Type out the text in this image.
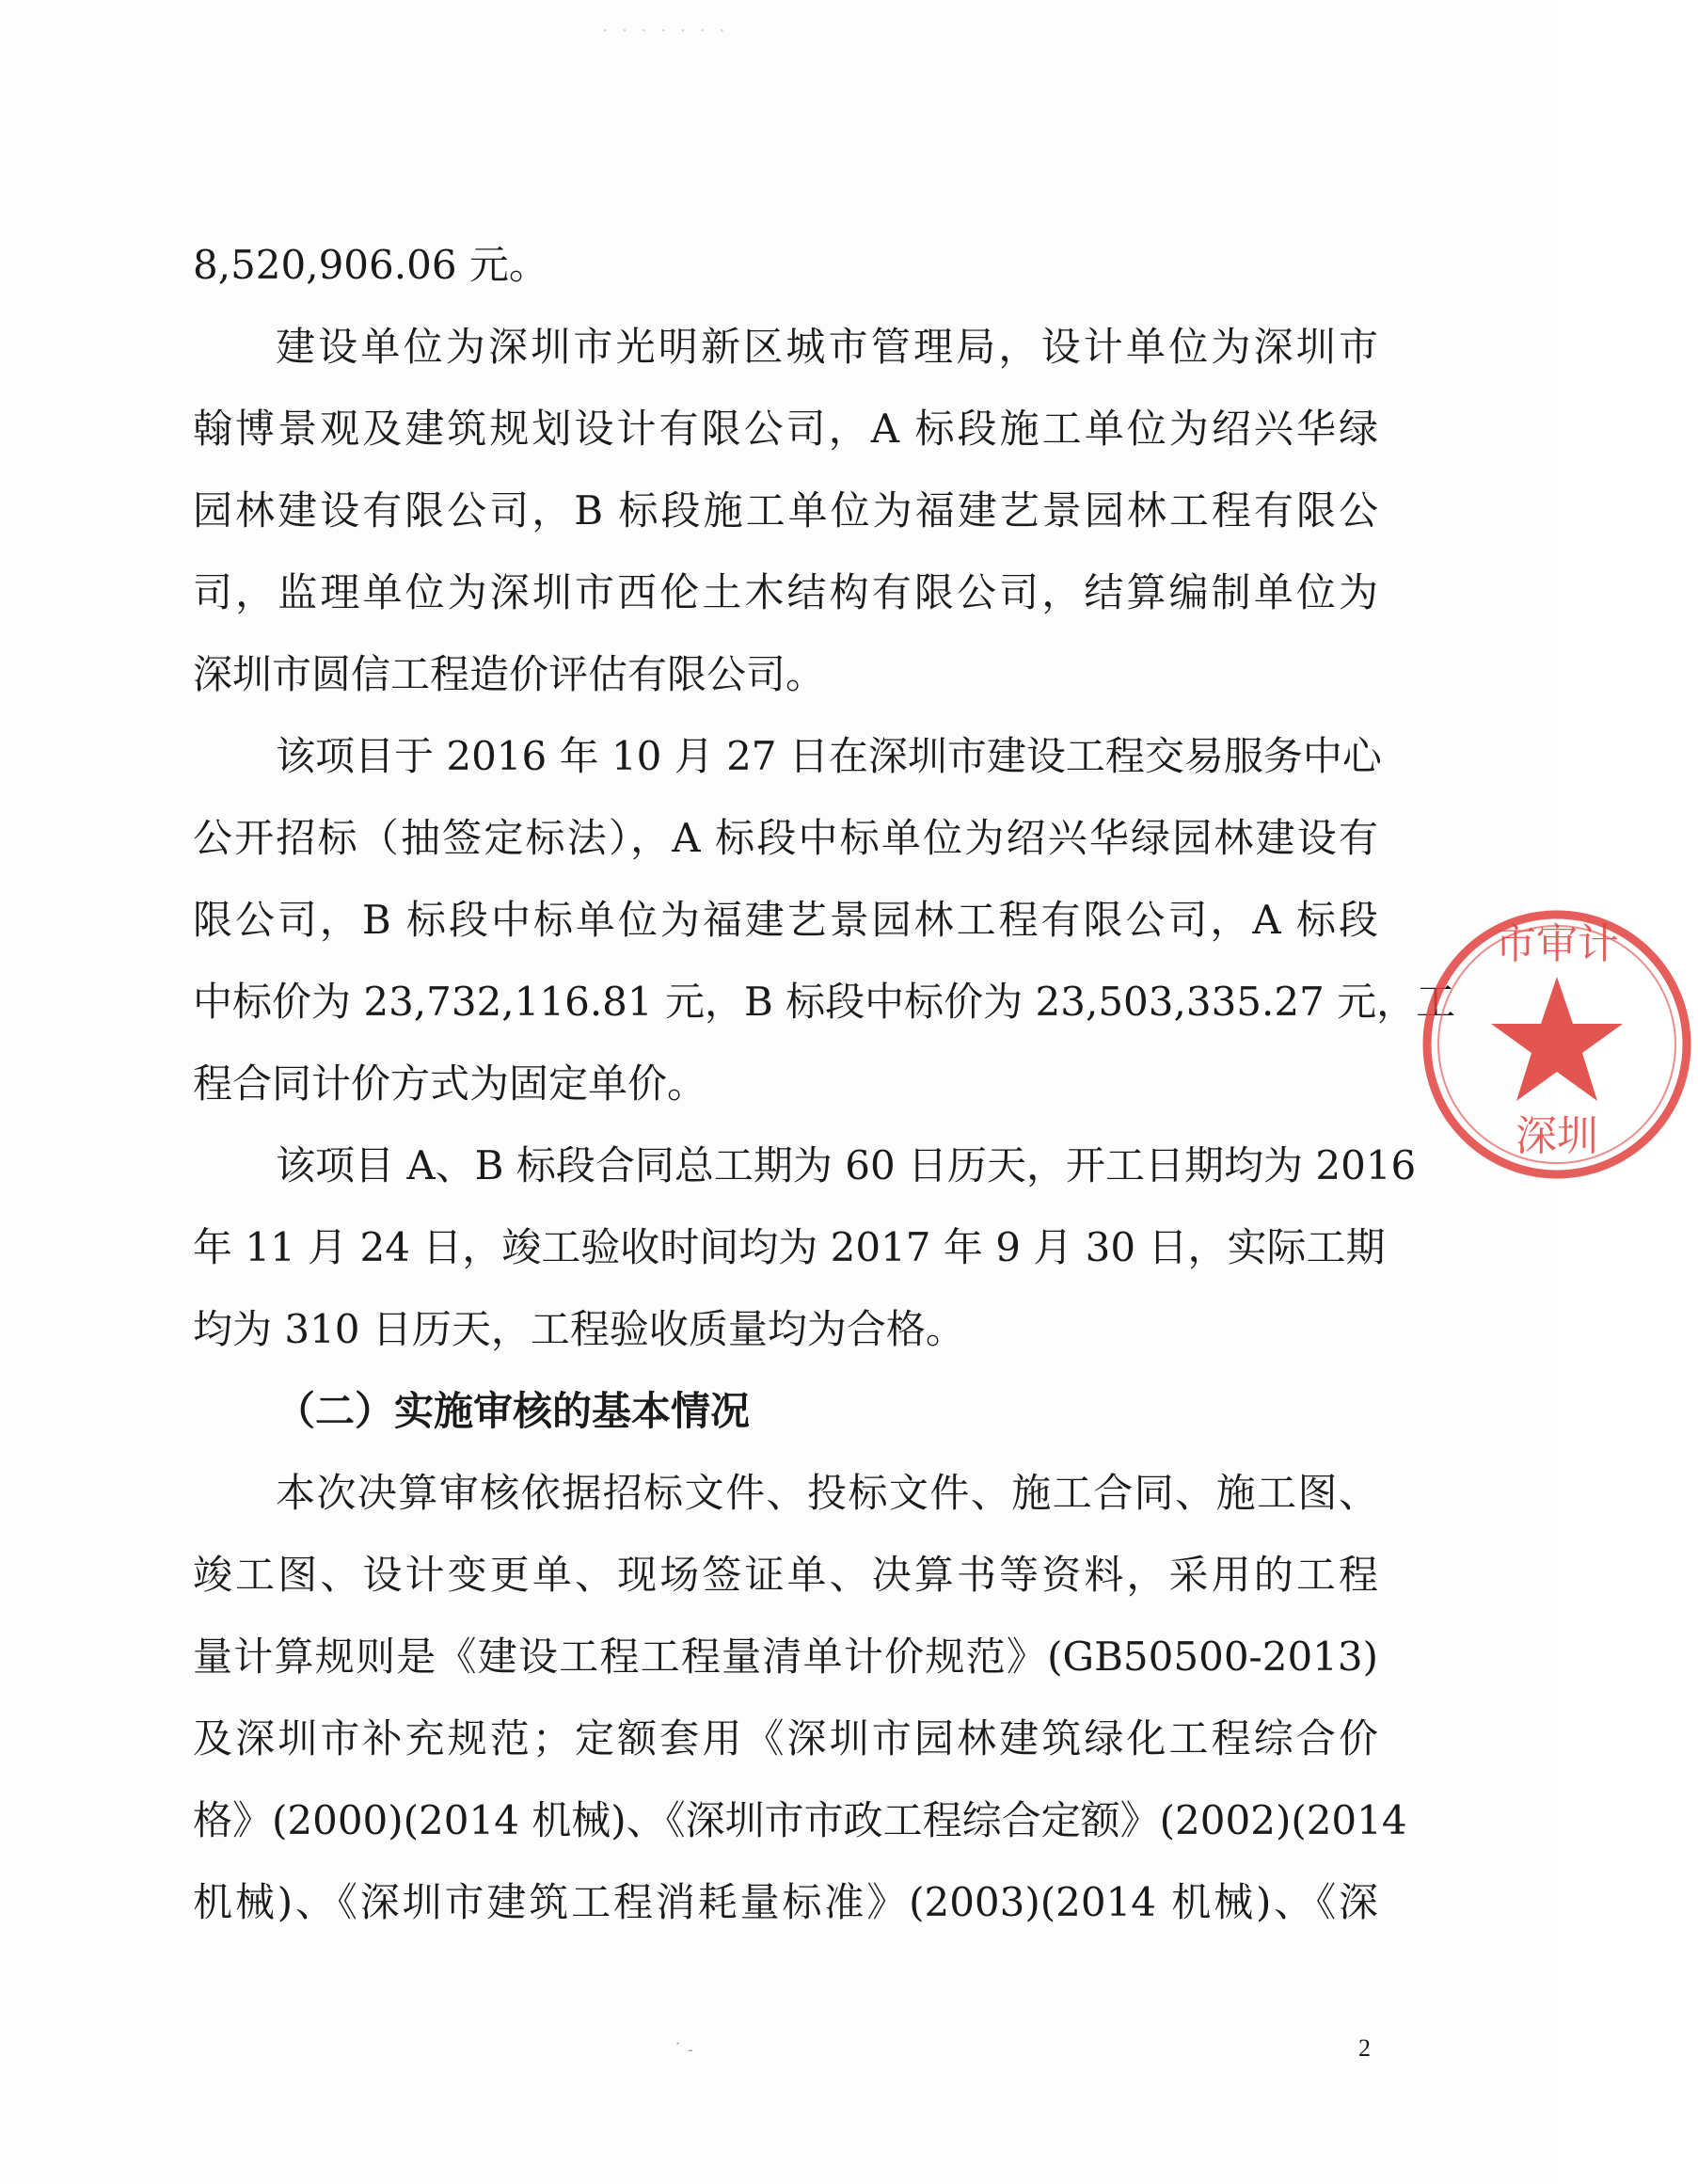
· · · · · · ·
8,520,906.06 元。
建设单位为深圳市光明新区城市管理局，设计单位为深圳市
翰博景观及建筑规划设计有限公司，A 标段施工单位为绍兴华绿
园林建设有限公司，B 标段施工单位为福建艺景园林工程有限公
司，监理单位为深圳市西伦土木结构有限公司，结算编制单位为
深圳市圆信工程造价评估有限公司。
该项目于 2016 年 10 月 27 日在深圳市建设工程交易服务中心
公开招标（抽签定标法），A 标段中标单位为绍兴华绿园林建设有
限公司，B 标段中标单位为福建艺景园林工程有限公司，A 标段
中标价为 23,732,116.81 元，B 标段中标价为 23,503,335.27 元，工
程合同计价方式为固定单价。
该项目 A、B 标段合同总工期为 60 日历天，开工日期均为 2016
年 11 月 24 日，竣工验收时间均为 2017 年 9 月 30 日，实际工期
均为 310 日历天，工程验收质量均为合格。
（二）实施审核的基本情况
本次决算审核依据招标文件、投标文件、施工合同、施工图、
竣工图、设计变更单、现场签证单、决算书等资料，采用的工程
量计算规则是《建设工程工程量清单计价规范》(GB50500-2013)
及深圳市补充规范；定额套用《深圳市园林建筑绿化工程综合价
格》(2000)(2014 机械)、《深圳市市政工程综合定额》(2002)(2014
机械)、《深圳市建筑工程消耗量标准》(2003)(2014 机械)、《深
市审计
深圳
˙ -	2
